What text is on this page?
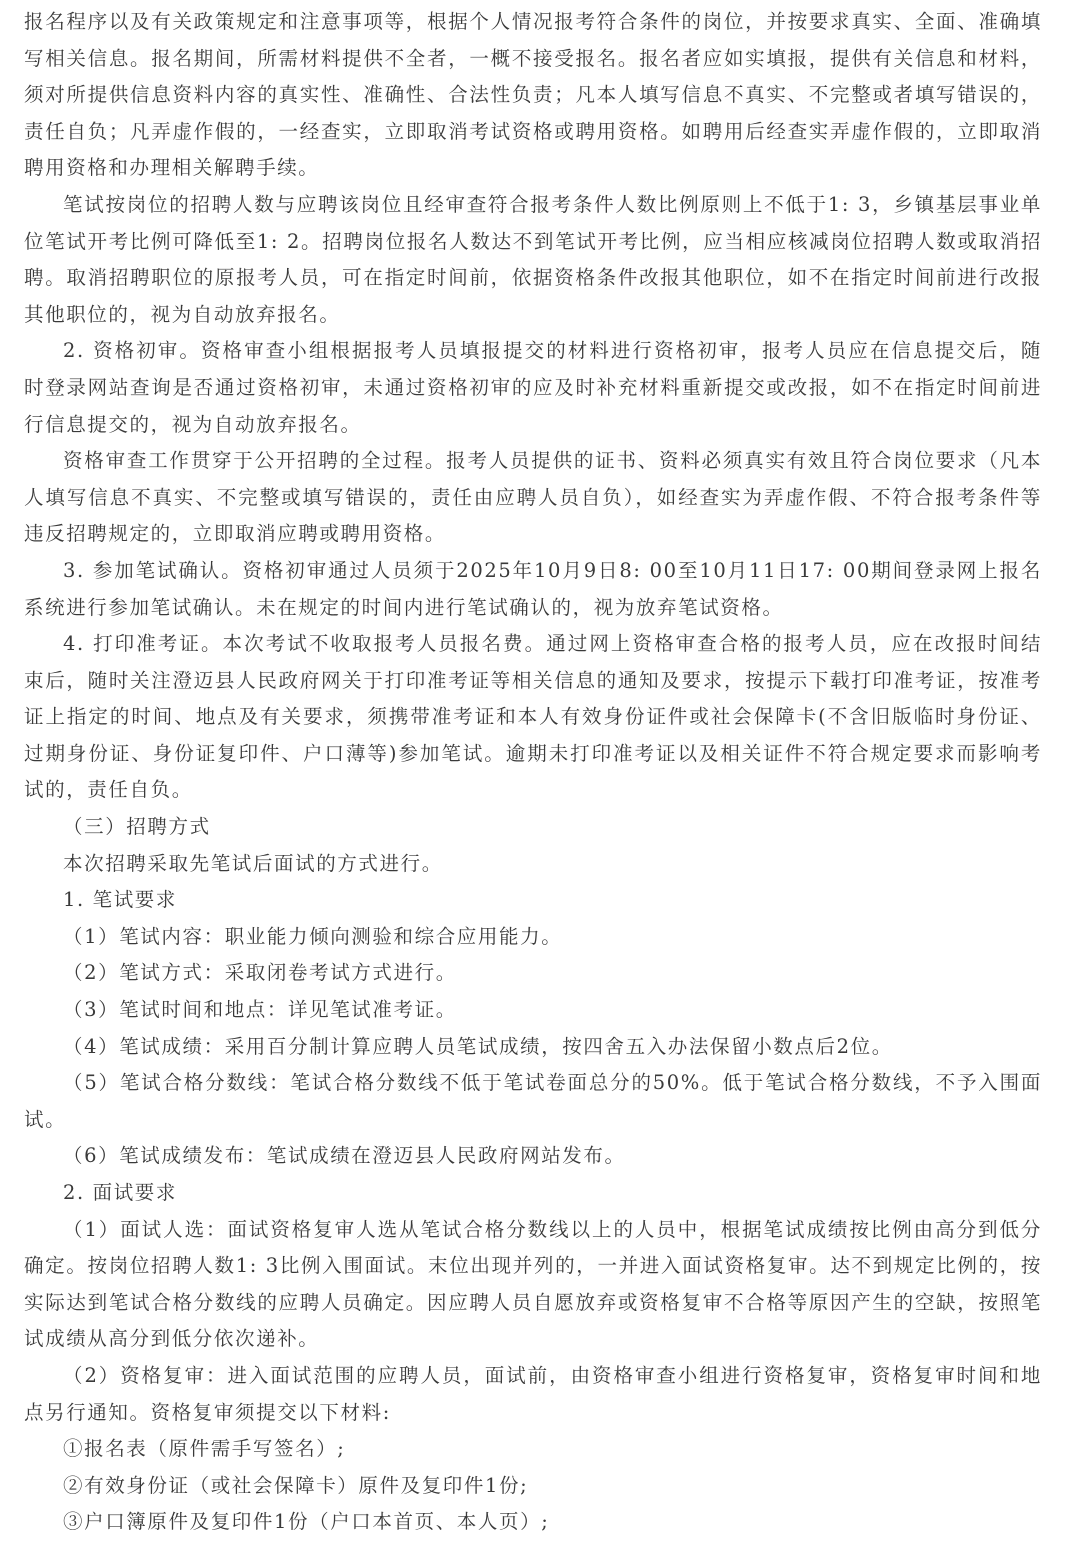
报名程序以及有关政策规定和注意事项等，根据个人情况报考符合条件的岗位，并按要求真实、全面、准确填写相关信息。报名期间，所需材料提供不全者，一概不接受报名。报名者应如实填报，提供有关信息和材料，须对所提供信息资料内容的真实性、准确性、合法性负责；凡本人填写信息不真实、不完整或者填写错误的，责任自负；凡弄虚作假的，一经查实，立即取消考试资格或聘用资格。如聘用后经查实弄虚作假的，立即取消聘用资格和办理相关解聘手续。

笔试按岗位的招聘人数与应聘该岗位且经审查符合报考条件人数比例原则上不低于1: 3，乡镇基层事业单位笔试开考比例可降低至1: 2。招聘岗位报名人数达不到笔试开考比例，应当相应核减岗位招聘人数或取消招聘。取消招聘职位的原报考人员，可在指定时间前，依据资格条件改报其他职位，如不在指定时间前进行改报其他职位的，视为自动放弃报名。

2. 资格初审。资格审查小组根据报考人员填报提交的材料进行资格初审，报考人员应在信息提交后，随时登录网站查询是否通过资格初审，未通过资格初审的应及时补充材料重新提交或改报，如不在指定时间前进行信息提交的，视为自动放弃报名。

资格审查工作贯穿于公开招聘的全过程。报考人员提供的证书、资料必须真实有效且符合岗位要求（凡本人填写信息不真实、不完整或填写错误的，责任由应聘人员自负），如经查实为弄虚作假、不符合报考条件等违反招聘规定的，立即取消应聘或聘用资格。

3. 参加笔试确认。资格初审通过人员须于2025年10月9日8: 00至10月11日17: 00期间登录网上报名系统进行参加笔试确认。未在规定的时间内进行笔试确认的，视为放弃笔试资格。

4. 打印准考证。本次考试不收取报考人员报名费。通过网上资格审查合格的报考人员，应在改报时间结束后，随时关注澄迈县人民政府网关于打印准考证等相关信息的通知及要求，按提示下载打印准考证，按准考证上指定的时间、地点及有关要求，须携带准考证和本人有效身份证件或社会保障卡(不含旧版临时身份证、过期身份证、身份证复印件、户口薄等)参加笔试。逾期未打印准考证以及相关证件不符合规定要求而影响考试的，责任自负。

（三）招聘方式

本次招聘采取先笔试后面试的方式进行。

1. 笔试要求

（1）笔试内容：职业能力倾向测验和综合应用能力。

（2）笔试方式：采取闭卷考试方式进行。

（3）笔试时间和地点：详见笔试准考证。

（4）笔试成绩：采用百分制计算应聘人员笔试成绩，按四舍五入办法保留小数点后2位。

（5）笔试合格分数线：笔试合格分数线不低于笔试卷面总分的50%。低于笔试合格分数线，不予入围面试。

（6）笔试成绩发布：笔试成绩在澄迈县人民政府网站发布。

2. 面试要求

（1）面试人选：面试资格复审人选从笔试合格分数线以上的人员中，根据笔试成绩按比例由高分到低分确定。按岗位招聘人数1: 3比例入围面试。末位出现并列的，一并进入面试资格复审。达不到规定比例的，按实际达到笔试合格分数线的应聘人员确定。因应聘人员自愿放弃或资格复审不合格等原因产生的空缺，按照笔试成绩从高分到低分依次递补。

（2）资格复审：进入面试范围的应聘人员，面试前，由资格审查小组进行资格复审，资格复审时间和地点另行通知。资格复审须提交以下材料:

①报名表（原件需手写签名）;

②有效身份证（或社会保障卡）原件及复印件1份;

③户口簿原件及复印件1份（户口本首页、本人页）;
